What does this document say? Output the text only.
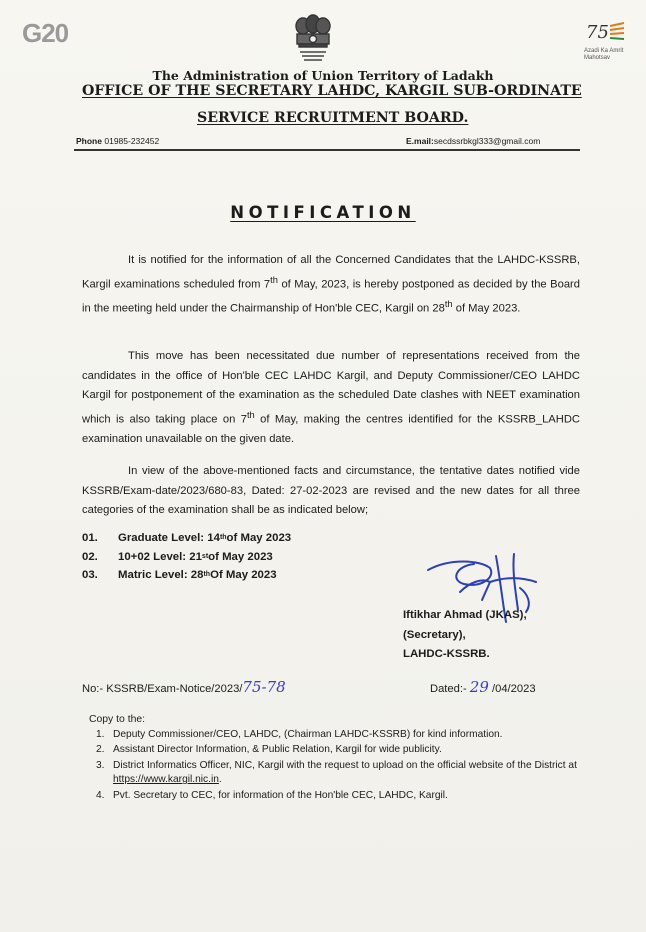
G20	75
Azadi Ka Amrit Mahotsav
The Administration of Union Territory of Ladakh
OFFICE OF THE SECRETARY LAHDC, KARGIL SUB-ORDINATE
SERVICE RECRUITMENT BOARD.
Phone 01985-232452	E.mail:secdssrbkgl333@gmail.com
NOTIFICATION
It is notified for the information of all the Concerned Candidates that the LAHDC-KSSRB, Kargil examinations scheduled from 7th of May, 2023, is hereby postponed as decided by the Board in the meeting held under the Chairmanship of Hon'ble CEC, Kargil on 28th of May 2023.
This move has been necessitated due number of representations received from the candidates in the office of Hon'ble CEC LAHDC Kargil, and Deputy Commissioner/CEO LAHDC Kargil for postponement of the examination as the scheduled Date clashes with NEET examination which is also taking place on 7th of May, making the centres identified for the KSSRB_LAHDC examination unavailable on the given date.
In view of the above-mentioned facts and circumstance, the tentative dates notified vide KSSRB/Exam-date/2023/680-83, Dated: 27-02-2023 are revised and the new dates for all three categories of the examination shall be as indicated below;
01.	Graduate Level: 14 th of May 2023
02.	10+02 Level: 21 st of May 2023
03.	Matric Level: 28 th Of May 2023
Iftikhar Ahmad (JKAS),
(Secretary),
LAHDC-KSSRB.
No:- KSSRB/Exam-Notice/2023/75-78	Dated:- 29 /04/2023
Copy to the:
1. Deputy Commissioner/CEO, LAHDC, (Chairman LAHDC-KSSRB) for kind information.
2. Assistant Director Information, & Public Relation, Kargil for wide publicity.
3. District Informatics Officer, NIC, Kargil with the request to upload on the official website of the District at https://www.kargil.nic.in.
4. Pvt. Secretary to CEC, for information of the Hon'ble CEC, LAHDC, Kargil.
